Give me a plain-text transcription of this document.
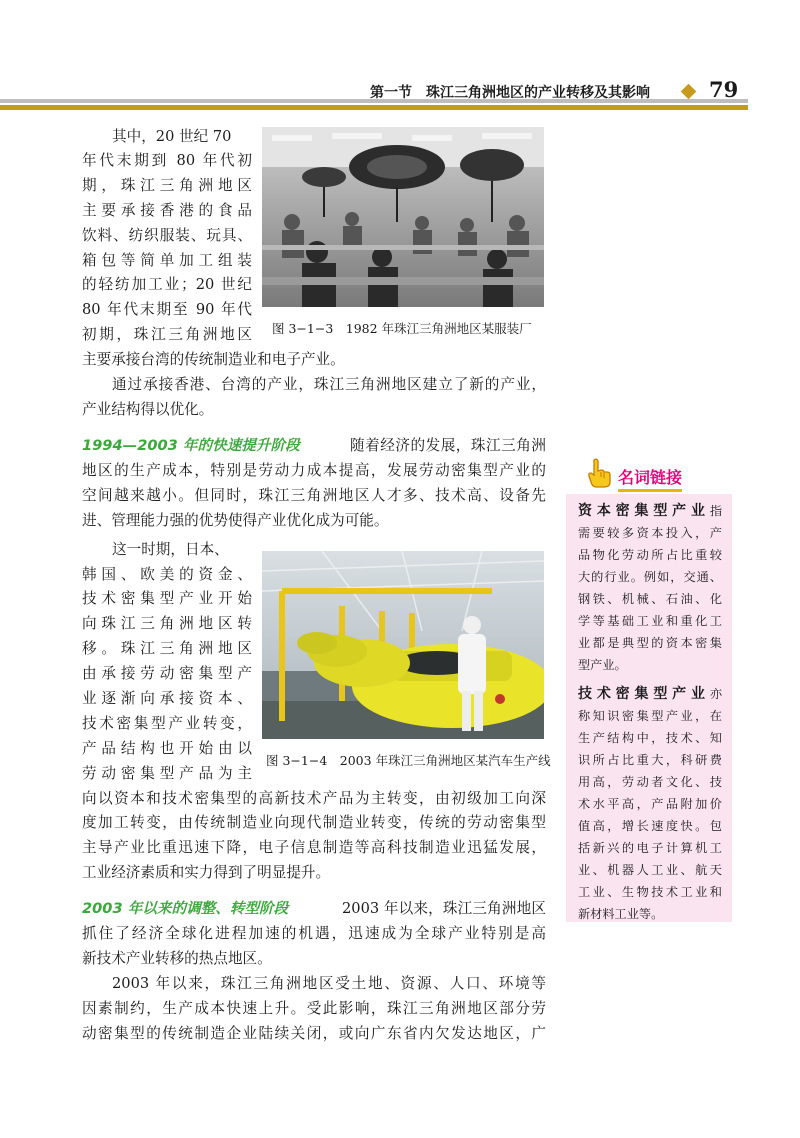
第一节　珠江三角洲地区的产业转移及其影响	79
图 3−1−3　1982 年珠江三角洲地区某服装厂
其中，20 世纪 70
年代末期到 80 年代初
期，珠江三角洲地区
主要承接香港的食品
饮料、纺织服装、玩具、
箱包等简单加工组装
的轻纺加工业；20 世纪
80 年代末期至 90 年代
初期，珠江三角洲地区
主要承接台湾的传统制造业和电子产业。
通过承接香港、台湾的产业，珠江三角洲地区建立了新的产业，
产业结构得以优化。
1994—2003 年的快速提升阶段	随着经济的发展，珠江三角洲
地区的生产成本，特别是劳动力成本提高，发展劳动密集型产业的
空间越来越小。但同时，珠江三角洲地区人才多、技术高、设备先
进、管理能力强的优势使得产业优化成为可能。
图 3−1−4　2003 年珠江三角洲地区某汽车生产线
这一时期，日本、
韩国、欧美的资金、
技术密集型产业开始
向珠江三角洲地区转
移。珠江三角洲地区
由承接劳动密集型产
业逐渐向承接资本、
技术密集型产业转变，
产品结构也开始由以
劳动密集型产品为主
向以资本和技术密集型的高新技术产品为主转变，由初级加工向深
度加工转变，由传统制造业向现代制造业转变，传统的劳动密集型
主导产业比重迅速下降，电子信息制造等高科技制造业迅猛发展，
工业经济素质和实力得到了明显提升。
2003 年以来的调整、转型阶段	2003 年以来，珠江三角洲地区
抓住了经济全球化进程加速的机遇，迅速成为全球产业特别是高
新技术产业转移的热点地区。
2003 年以来，珠江三角洲地区受土地、资源、人口、环境等
因素制约，生产成本快速上升。受此影响，珠江三角洲地区部分劳
动密集型的传统制造企业陆续关闭，或向广东省内欠发达地区，广
名词链接
资本密集型产业指
需要较多资本投入，产
品物化劳动所占比重较
大的行业。例如，交通、
钢铁、机械、石油、化
学等基础工业和重化工
业都是典型的资本密集
型产业。
技术密集型产业亦
称知识密集型产业，在
生产结构中，技术、知
识所占比重大，科研费
用高，劳动者文化、技
术水平高，产品附加价
值高，增长速度快。包
括新兴的电子计算机工
业、机器人工业、航天
工业、生物技术工业和
新材料工业等。
